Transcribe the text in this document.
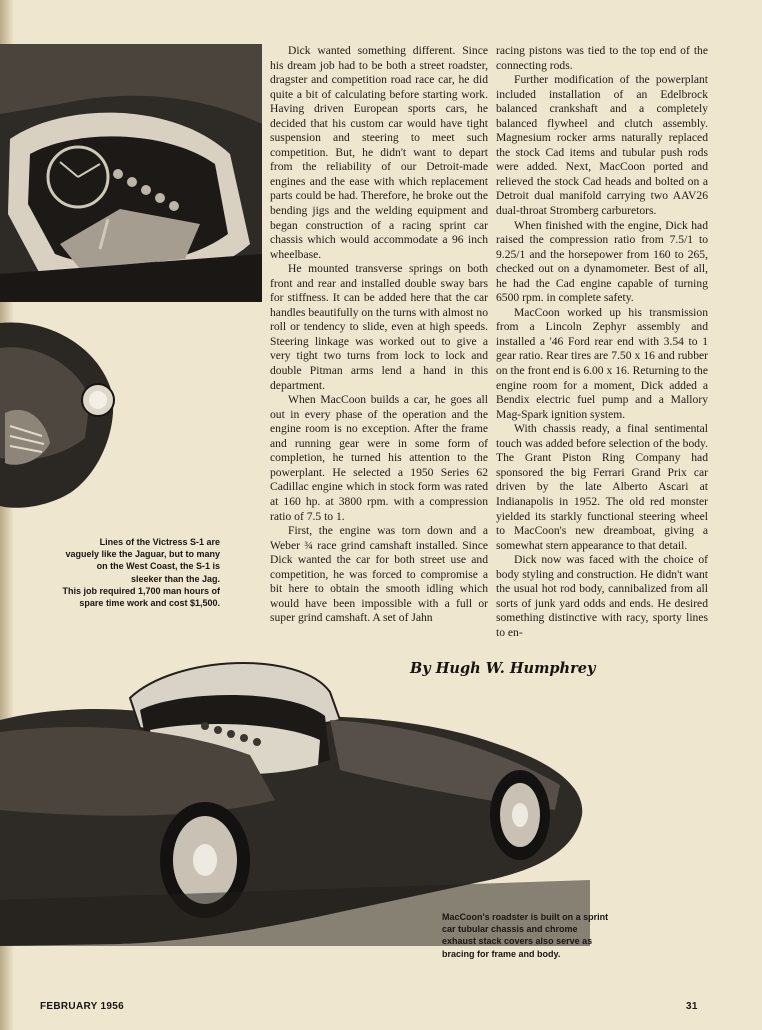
Dick wanted something different. Since his dream job had to be both a street roadster, dragster and competition road race car, he did quite a bit of calculating before starting work. Having driven European sports cars, he decided that his custom car would have tight suspension and steering to meet such competition. But, he didn't want to depart from the reliability of our Detroit-made engines and the ease with which replacement parts could be had. Therefore, he broke out the bending jigs and the welding equipment and began construction of a racing sprint car chassis which would accommodate a 96 inch wheelbase.

He mounted transverse springs on both front and rear and installed double sway bars for stiffness. It can be added here that the car handles beautifully on the turns with almost no roll or tendency to slide, even at high speeds. Steering linkage was worked out to give a very tight two turns from lock to lock and double Pitman arms lend a hand in this department.

When MacCoon builds a car, he goes all out in every phase of the operation and the engine room is no exception. After the frame and running gear were in some form of completion, he turned his attention to the powerplant. He selected a 1950 Series 62 Cadillac engine which in stock form was rated at 160 hp. at 3800 rpm. with a compression ratio of 7.5 to 1.

First, the engine was torn down and a Weber ¾ race grind camshaft installed. Since Dick wanted the car for both street use and competition, he was forced to compromise a bit here to obtain the smooth idling which would have been impossible with a full or super grind camshaft. A set of Jahn

racing pistons was tied to the top end of the connecting rods.

Further modification of the powerplant included installation of an Edelbrock balanced crankshaft and a completely balanced flywheel and clutch assembly. Magnesium rocker arms naturally replaced the stock Cad items and tubular push rods were added. Next, MacCoon ported and relieved the stock Cad heads and bolted on a Detroit dual manifold carrying two AAV26 dual-throat Stromberg carburetors.

When finished with the engine, Dick had raised the compression ratio from 7.5/1 to 9.25/1 and the horsepower from 160 to 265, checked out on a dynamometer. Best of all, he had the Cad engine capable of turning 6500 rpm. in complete safety.

MacCoon worked up his transmission from a Lincoln Zephyr assembly and installed a '46 Ford rear end with 3.54 to 1 gear ratio. Rear tires are 7.50 x 16 and rubber on the front end is 6.00 x 16. Returning to the engine room for a moment, Dick added a Bendix electric fuel pump and a Mallory Mag-Spark ignition system.

With chassis ready, a final sentimental touch was added before selection of the body. The Grant Piston Ring Company had sponsored the big Ferrari Grand Prix car driven by the late Alberto Ascari at Indianapolis in 1952. The old red monster yielded its starkly functional steering wheel to MacCoon's new dreamboat, giving a somewhat stern appearance to that detail.

Dick now was faced with the choice of body styling and construction. He didn't want the usual hot rod body, cannibalized from all sorts of junk yard odds and ends. He desired something distinctive with racy, sporty lines to en-

Lines of the Victress S-1 are
vaguely like the Jaguar, but to many
on the West Coast, the S-1 is
sleeker than the Jag.
This job required 1,700 man hours of
spare time work and cost $1,500.
By Hugh W. Humphrey
MacCoon's roadster is built on a sprint
car tubular chassis and chrome
exhaust stack covers also serve as
bracing for frame and body.
FEBRUARY 1956	31
